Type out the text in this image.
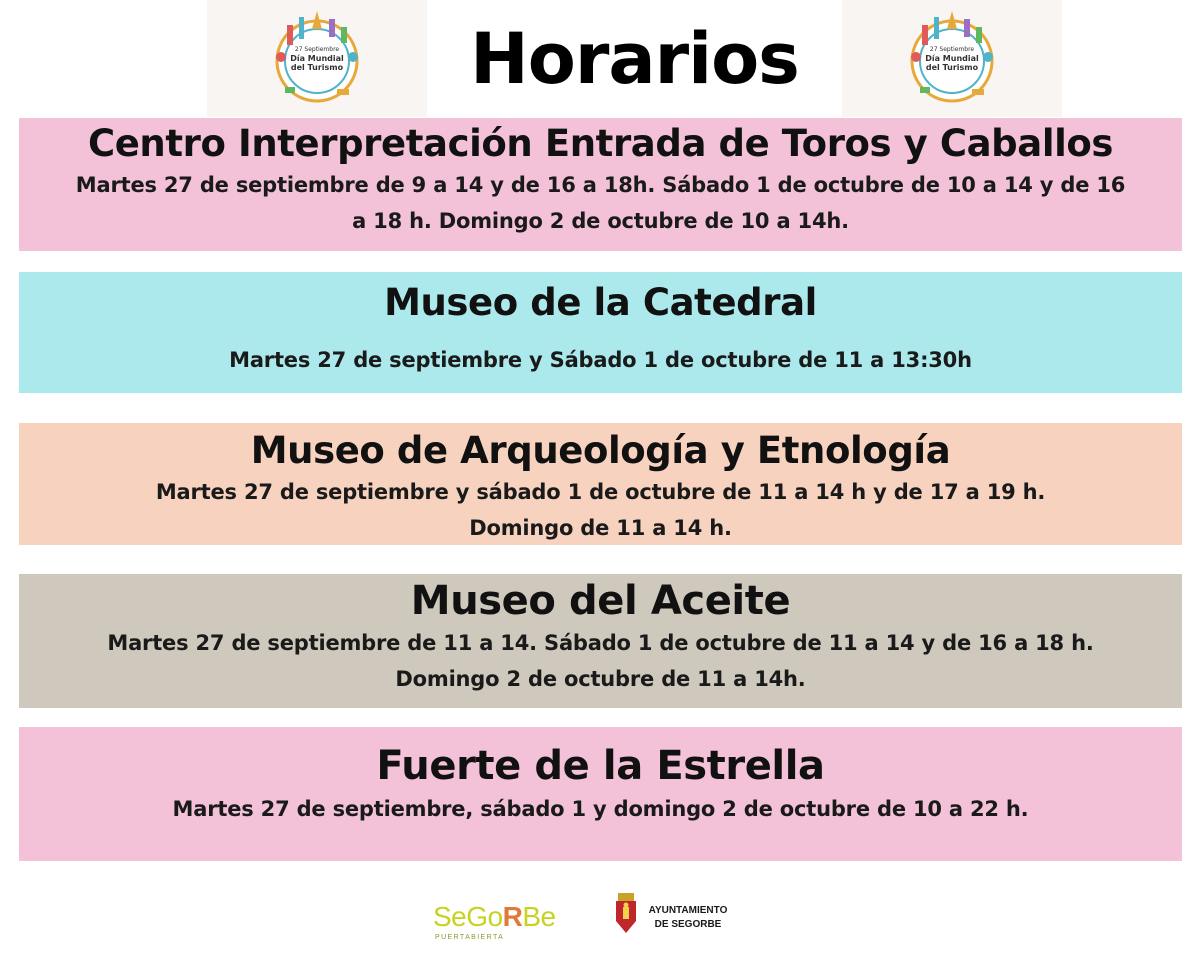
27 Septiembre
Día Mundial
del Turismo	Horarios	27 Septiembre
Día Mundial
del Turismo
Centro Interpretación Entrada de Toros y Caballos

Martes 27 de septiembre de 9 a 14 y de 16 a 18h. Sábado 1 de octubre de 10 a 14 y de 16

a 18 h. Domingo 2 de octubre de 10 a 14h.

Museo de la Catedral

Martes 27 de septiembre y Sábado 1 de octubre de 11 a 13:30h

Museo de Arqueología y Etnología

Martes 27 de septiembre y sábado 1 de octubre de 11 a 14 h y de 17 a 19 h.

Domingo de 11 a 14 h.

Museo del Aceite

Martes 27 de septiembre de 11 a 14. Sábado 1 de octubre de 11 a 14 y de 16 a 18 h.

Domingo 2 de octubre de 11 a 14h.

Fuerte de la Estrella

Martes 27 de septiembre, sábado 1 y domingo 2 de octubre de 10 a 22 h.

SeGoRBe
PUERTABIERTA
AYUNTAMIENTO
DE SEGORBE
